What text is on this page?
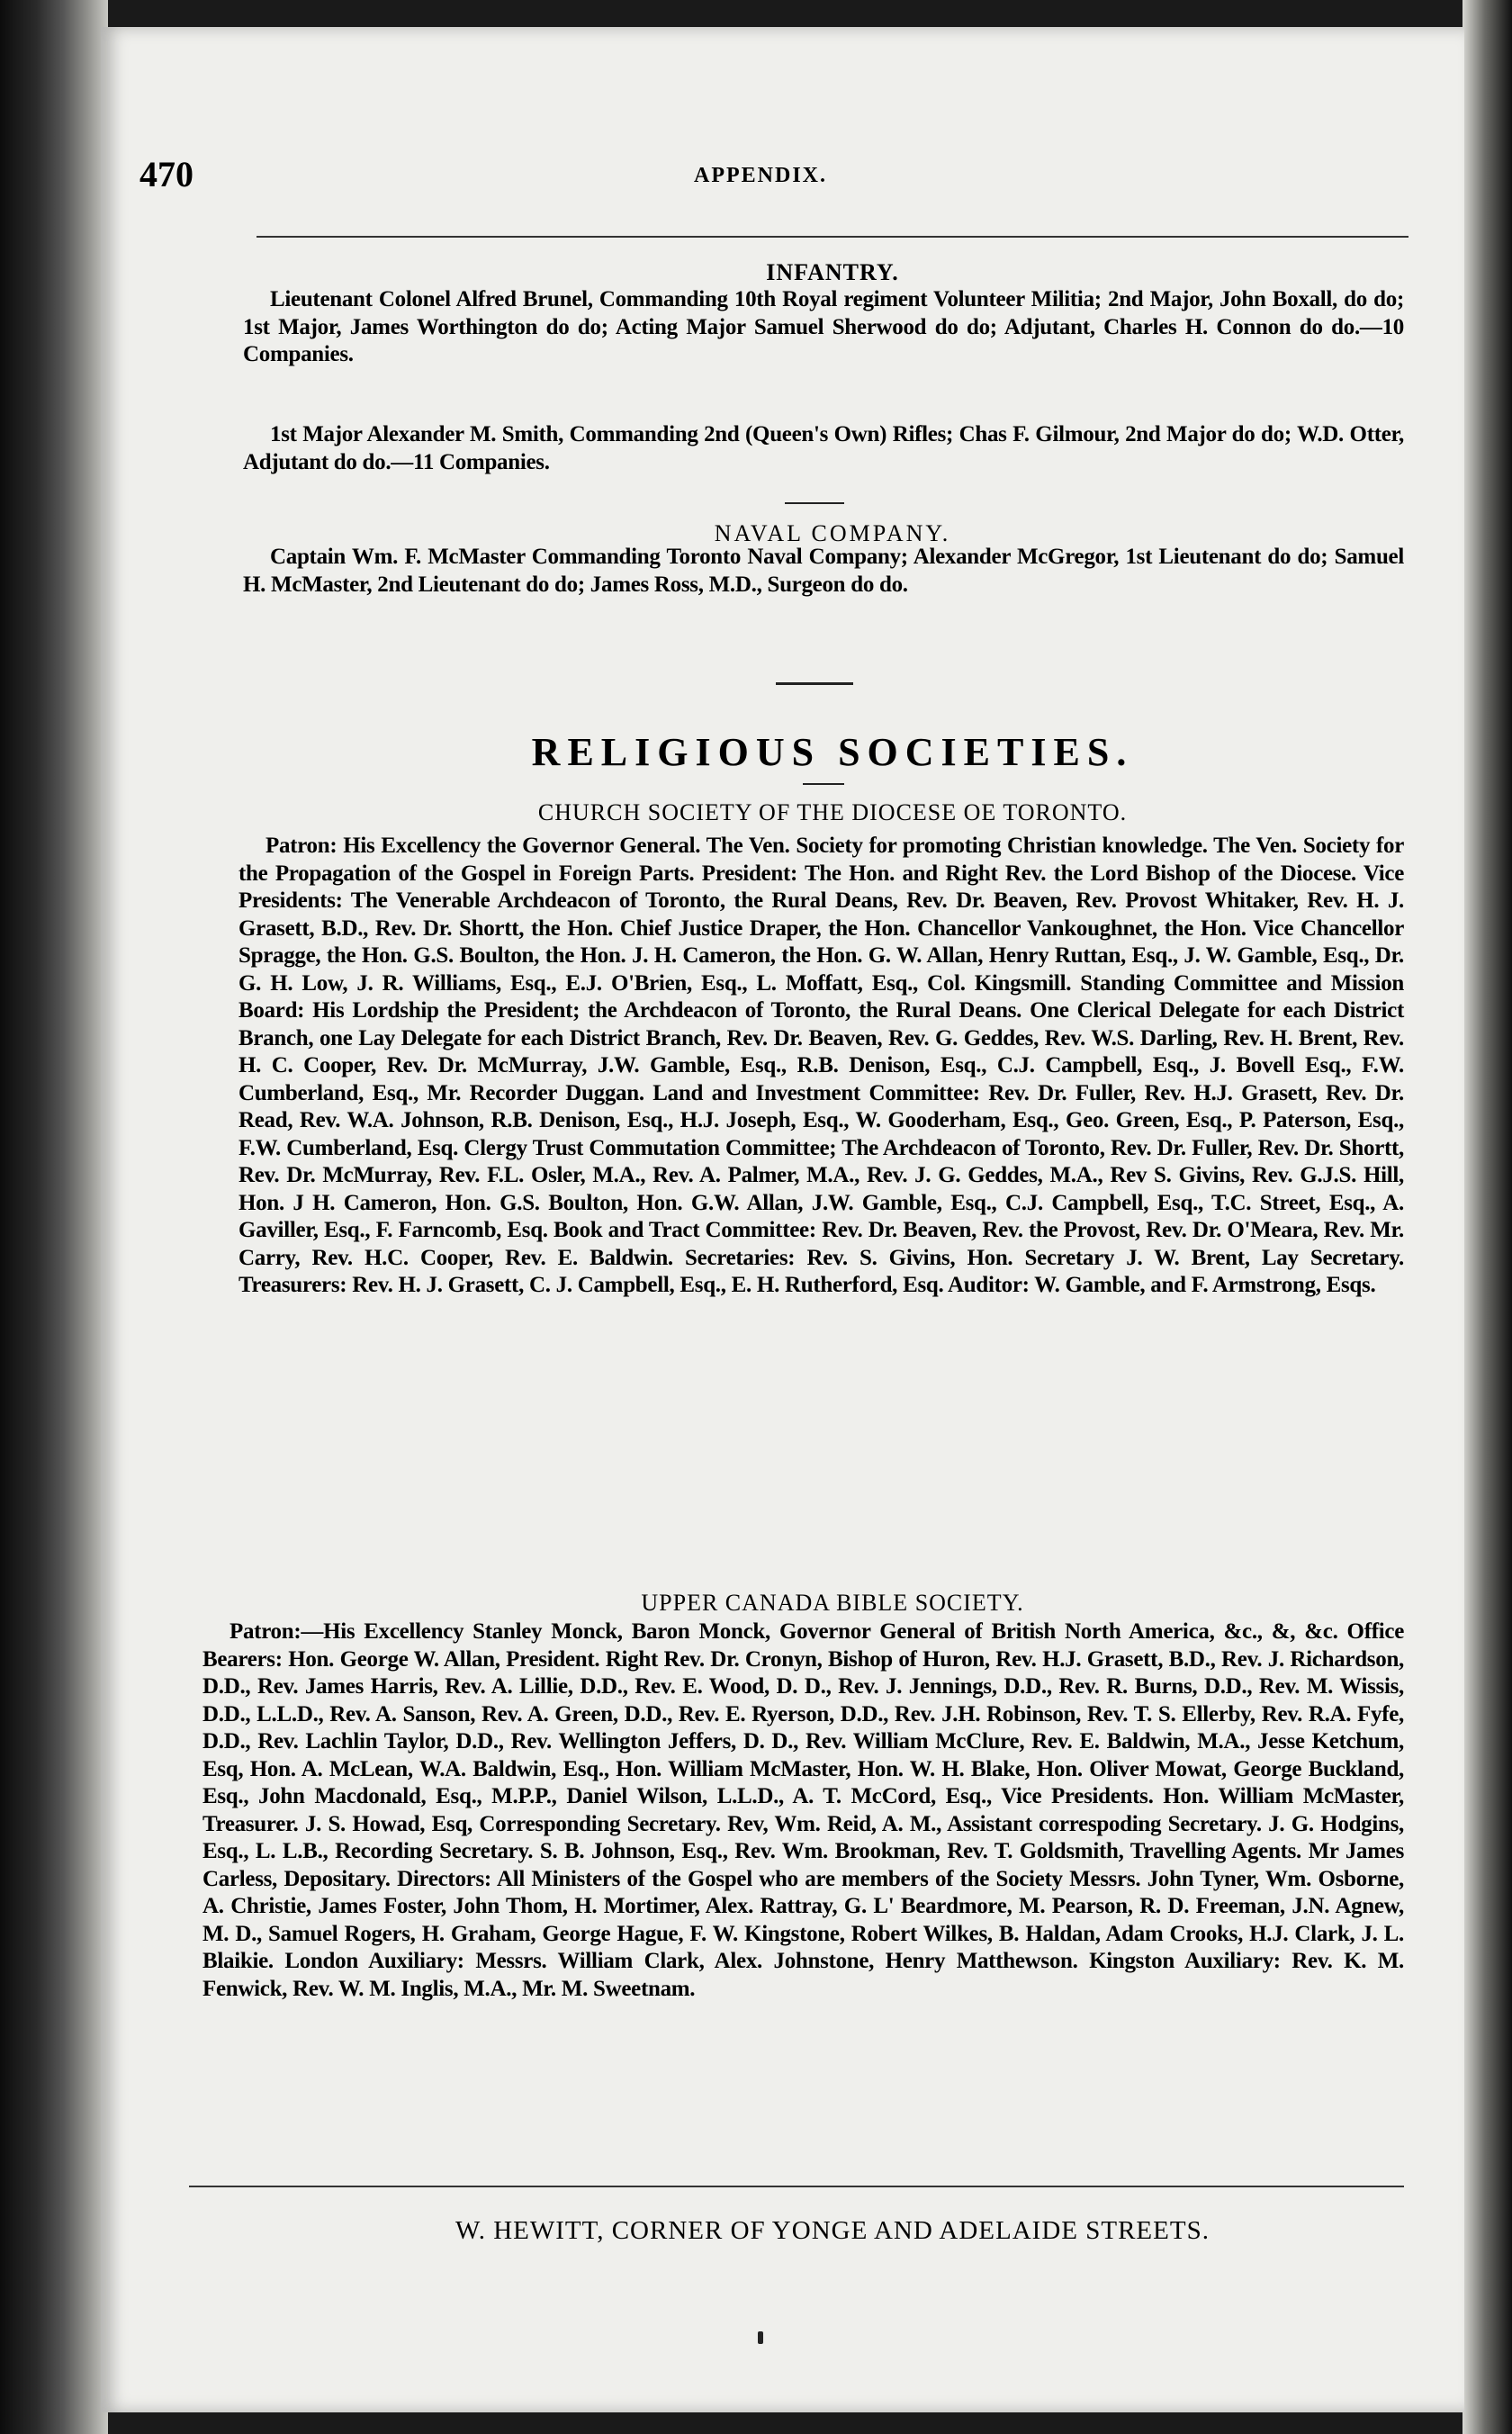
470	APPENDIX.
INFANTRY.
Lieutenant Colonel Alfred Brunel, Commanding 10th Royal regiment Volunteer Militia; 2nd Major, John Boxall, do do; 1st Major, James Worthington do do; Acting Major Samuel Sherwood do do; Adjutant, Charles H. Connon do do.—10 Companies.
1st Major Alexander M. Smith, Commanding 2nd (Queen's Own) Rifles; Chas F. Gilmour, 2nd Major do do; W.D. Otter, Adjutant do do.—11 Companies.
NAVAL COMPANY.
Captain Wm. F. McMaster Commanding Toronto Naval Company; Alexander McGregor, 1st Lieutenant do do; Samuel H. McMaster, 2nd Lieutenant do do; James Ross, M.D., Surgeon do do.
RELIGIOUS SOCIETIES.
CHURCH SOCIETY OF THE DIOCESE OE TORONTO.
Patron: His Excellency the Governor General. The Ven. Society for promoting Christian knowledge. The Ven. Society for the Propagation of the Gospel in Foreign Parts. President: The Hon. and Right Rev. the Lord Bishop of the Diocese. Vice Presidents: The Venerable Archdeacon of Toronto, the Rural Deans, Rev. Dr. Beaven, Rev. Provost Whitaker, Rev. H. J. Grasett, B.D., Rev. Dr. Shortt, the Hon. Chief Justice Draper, the Hon. Chancellor Vankoughnet, the Hon. Vice Chancellor Spragge, the Hon. G.S. Boulton, the Hon. J. H. Cameron, the Hon. G. W. Allan, Henry Ruttan, Esq., J. W. Gamble, Esq., Dr. G. H. Low, J. R. Williams, Esq., E.J. O'Brien, Esq., L. Moffatt, Esq., Col. Kingsmill. Standing Committee and Mission Board: His Lordship the President; the Archdeacon of Toronto, the Rural Deans. One Clerical Delegate for each District Branch, one Lay Delegate for each District Branch, Rev. Dr. Beaven, Rev. G. Geddes, Rev. W.S. Darling, Rev. H. Brent, Rev. H. C. Cooper, Rev. Dr. McMurray, J.W. Gamble, Esq., R.B. Denison, Esq., C.J. Campbell, Esq., J. Bovell Esq., F.W. Cumberland, Esq., Mr. Recorder Duggan. Land and Investment Committee: Rev. Dr. Fuller, Rev. H.J. Grasett, Rev. Dr. Read, Rev. W.A. Johnson, R.B. Denison, Esq., H.J. Joseph, Esq., W. Gooderham, Esq., Geo. Green, Esq., P. Paterson, Esq., F.W. Cumberland, Esq. Clergy Trust Commutation Committee; The Archdeacon of Toronto, Rev. Dr. Fuller, Rev. Dr. Shortt, Rev. Dr. McMurray, Rev. F.L. Osler, M.A., Rev. A. Palmer, M.A., Rev. J. G. Geddes, M.A., Rev S. Givins, Rev. G.J.S. Hill, Hon. J H. Cameron, Hon. G.S. Boulton, Hon. G.W. Allan, J.W. Gamble, Esq., C.J. Campbell, Esq., T.C. Street, Esq., A. Gaviller, Esq., F. Farncomb, Esq. Book and Tract Committee: Rev. Dr. Beaven, Rev. the Provost, Rev. Dr. O'Meara, Rev. Mr. Carry, Rev. H.C. Cooper, Rev. E. Baldwin. Secretaries: Rev. S. Givins, Hon. Secretary J. W. Brent, Lay Secretary. Treasurers: Rev. H. J. Grasett, C. J. Campbell, Esq., E. H. Rutherford, Esq. Auditor: W. Gamble, and F. Armstrong, Esqs.
UPPER CANADA BIBLE SOCIETY.
Patron:—His Excellency Stanley Monck, Baron Monck, Governor General of British North America, &c., &, &c. Office Bearers: Hon. George W. Allan, President. Right Rev. Dr. Cronyn, Bishop of Huron, Rev. H.J. Grasett, B.D., Rev. J. Richardson, D.D., Rev. James Harris, Rev. A. Lillie, D.D., Rev. E. Wood, D. D., Rev. J. Jennings, D.D., Rev. R. Burns, D.D., Rev. M. Wissis, D.D., L.L.D., Rev. A. Sanson, Rev. A. Green, D.D., Rev. E. Ryerson, D.D., Rev. J.H. Robinson, Rev. T. S. Ellerby, Rev. R.A. Fyfe, D.D., Rev. Lachlin Taylor, D.D., Rev. Wellington Jeffers, D. D., Rev. William McClure, Rev. E. Baldwin, M.A., Jesse Ketchum, Esq, Hon. A. McLean, W.A. Baldwin, Esq., Hon. William McMaster, Hon. W. H. Blake, Hon. Oliver Mowat, George Buckland, Esq., John Macdonald, Esq., M.P.P., Daniel Wilson, L.L.D., A. T. McCord, Esq., Vice Presidents. Hon. William McMaster, Treasurer. J. S. Howad, Esq, Corresponding Secretary. Rev, Wm. Reid, A. M., Assistant correspoding Secretary. J. G. Hodgins, Esq., L. L.B., Recording Secretary. S. B. Johnson, Esq., Rev. Wm. Brookman, Rev. T. Goldsmith, Travelling Agents. Mr James Carless, Depositary. Directors: All Ministers of the Gospel who are members of the Society Messrs. John Tyner, Wm. Osborne, A. Christie, James Foster, John Thom, H. Mortimer, Alex. Rattray, G. L' Beardmore, M. Pearson, R. D. Freeman, J.N. Agnew, M. D., Samuel Rogers, H. Graham, George Hague, F. W. Kingstone, Robert Wilkes, B. Haldan, Adam Crooks, H.J. Clark, J. L. Blaikie. London Auxiliary: Messrs. William Clark, Alex. Johnstone, Henry Matthewson. Kingston Auxiliary: Rev. K. M. Fenwick, Rev. W. M. Inglis, M.A., Mr. M. Sweetnam.
W. HEWITT, CORNER OF YONGE AND ADELAIDE STREETS.
